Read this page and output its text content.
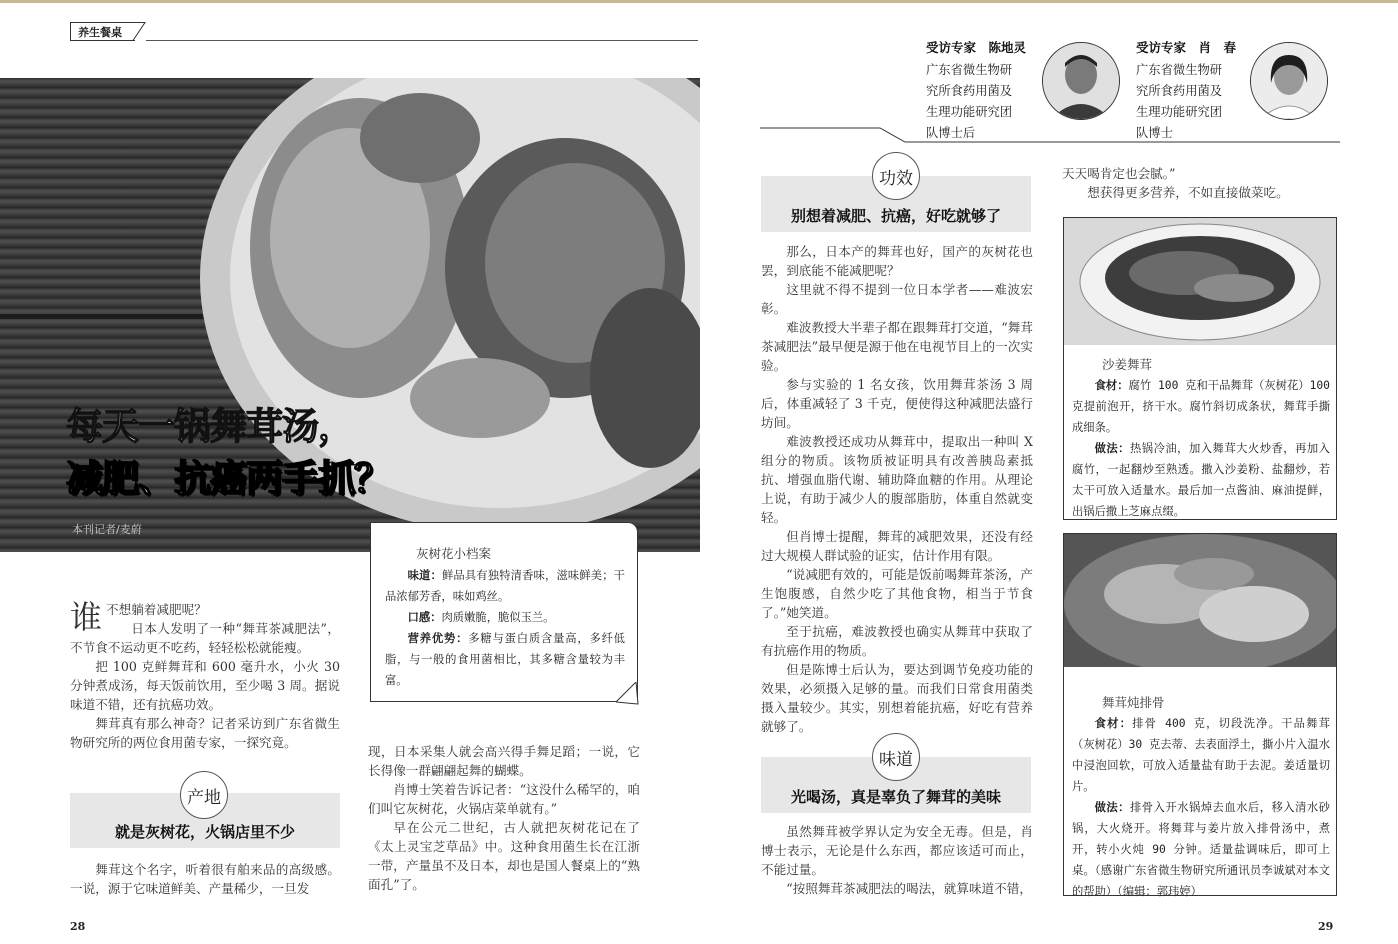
养生餐桌
每天一锅舞茸汤，
减肥、抗癌两手抓？
本刊记者/麦蔚

谁 不想躺着减肥呢？
日本人发明了一种“舞茸茶减肥法”，不节食不运动更不吃药，轻轻松松就能瘦。

把 100 克鲜舞茸和 600 毫升水，小火 30 分钟煮成汤，每天饭前饮用，至少喝 3 周。据说味道不错，还有抗癌功效。

舞茸真有那么神奇？记者采访到广东省微生物研究所的两位食用菌专家，一探究竟。

产地
就是灰树花，火锅店里不少

舞茸这个名字，听着很有舶来品的高级感。一说，源于它味道鲜美、产量稀少，一旦发

现，日本采集人就会高兴得手舞足蹈；一说，它长得像一群翩翩起舞的蝴蝶。

肖博士笑着告诉记者：“这没什么稀罕的，咱们叫它灰树花，火锅店菜单就有。”

早在公元二世纪，古人就把灰树花记在了《太上灵宝芝草品》中。这种食用菌生长在江浙一带，产量虽不及日本，却也是国人餐桌上的“熟面孔”了。

灰树花小档案

味道：鲜品具有独特清香味，滋味鲜美；干品浓郁芳香，味如鸡丝。

口感：肉质嫩脆，脆似玉兰。

营养优势：多糖与蛋白质含量高，多纤低脂，与一般的食用菌相比，其多糖含量较为丰富。

28	29
受访专家　 陈地灵
广东省微生物研究所食药用菌及生理功能研究团队博士后
受访专家　 肖　春
广东省微生物研究所食药用菌及生理功能研究团队博士
功效
别想着减肥、抗癌，好吃就够了

那么，日本产的舞茸也好，国产的灰树花也罢，到底能不能减肥呢？

这里就不得不提到一位日本学者——难波宏彰。

难波教授大半辈子都在跟舞茸打交道，“舞茸茶减肥法”最早便是源于他在电视节目上的一次实验。

参与实验的 1 名女孩，饮用舞茸茶汤 3 周后，体重减轻了 3 千克，便使得这种减肥法盛行坊间。

难波教授还成功从舞茸中，提取出一种叫 X 组分的物质。该物质被证明具有改善胰岛素抵抗、增强血脂代谢、辅助降血糖的作用。从理论上说，有助于减少人的腹部脂肪，体重自然就变轻。

但肖博士提醒，舞茸的减肥效果，还没有经过大规模人群试验的证实，估计作用有限。

“说减肥有效的，可能是饭前喝舞茸茶汤，产生饱腹感，自然少吃了其他食物，相当于节食了。”她笑道。

至于抗癌，难波教授也确实从舞茸中获取了有抗癌作用的物质。

但是陈博士后认为，要达到调节免疫功能的效果，必须摄入足够的量。而我们日常食用菌类摄入量较少。其实，别想着能抗癌，好吃有营养就够了。

味道
光喝汤，真是辜负了舞茸的美味

虽然舞茸被学界认定为安全无毒。但是，肖博士表示，无论是什么东西，都应该适可而止，不能过量。

“按照舞茸茶减肥法的喝法，就算味道不错，

天天喝肯定也会腻。”

想获得更多营养，不如直接做菜吃。

沙姜舞茸

食材：腐竹 100 克和干品舞茸（灰树花）100 克提前泡开，挤干水。腐竹斜切成条状，舞茸手撕成细条。

做法：热锅冷油，加入舞茸大火炒香，再加入腐竹，一起翻炒至熟透。撒入沙姜粉、盐翻炒，若太干可放入适量水。最后加一点酱油、麻油提鲜，出锅后撒上芝麻点缀。

舞茸炖排骨

食材：排骨 400 克，切段洗净。干品舞茸（灰树花）30 克去蒂、去表面浮土，撕小片入温水中浸泡回软，可放入适量盐有助于去泥。姜适量切片。

做法：排骨入开水锅焯去血水后，移入清水砂锅，大火烧开。将舞茸与姜片放入排骨汤中，煮开，转小火炖 90 分钟。适量盐调味后，即可上桌。（感谢广东省微生物研究所通讯员李诚斌对本文的帮助）（编辑：郭玮婷）
